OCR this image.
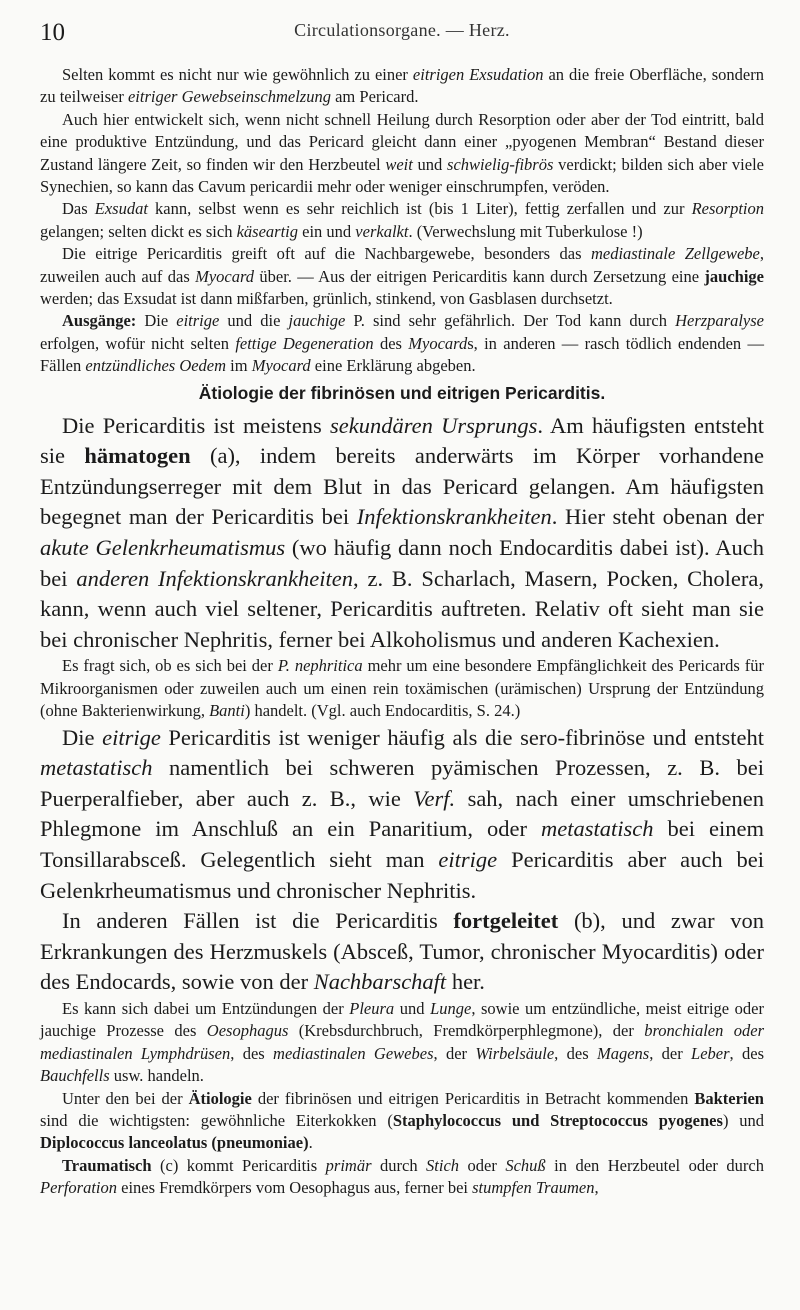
10	Circulationsorgane. — Herz.

Selten kommt es nicht nur wie gewöhnlich zu einer eitrigen Exsudation an die freie Oberfläche, sondern zu teilweiser eitriger Gewebseinschmelzung am Pericard.

Auch hier entwickelt sich, wenn nicht schnell Heilung durch Resorption oder aber der Tod eintritt, bald eine produktive Entzündung, und das Pericard gleicht dann einer „pyogenen Membran“ Bestand dieser Zustand längere Zeit, so finden wir den Herzbeutel weit und schwielig-fibrös verdickt; bilden sich aber viele Synechien, so kann das Cavum pericardii mehr oder weniger einschrumpfen, veröden.

Das Exsudat kann, selbst wenn es sehr reichlich ist (bis 1 Liter), fettig zerfallen und zur Resorption gelangen; selten dickt es sich käseartig ein und verkalkt. (Verwechslung mit Tuberkulose !)

Die eitrige Pericarditis greift oft auf die Nachbargewebe, besonders das mediastinale Zellgewebe, zuweilen auch auf das Myocard über. — Aus der eitrigen Pericarditis kann durch Zersetzung eine jauchige werden; das Exsudat ist dann mißfarben, grünlich, stinkend, von Gasblasen durchsetzt.

Ausgänge: Die eitrige und die jauchige P. sind sehr gefährlich. Der Tod kann durch Herzparalyse erfolgen, wofür nicht selten fettige Degeneration des Myocards, in anderen — rasch tödlich endenden — Fällen entzündliches Oedem im Myocard eine Erklärung abgeben.

Ätiologie der fibrinösen und eitrigen Pericarditis.

Die Pericarditis ist meistens sekundären Ursprungs. Am häufigsten entsteht sie hämatogen (a), indem bereits anderwärts im Körper vorhandene Entzündungserreger mit dem Blut in das Pericard gelangen. Am häufigsten begegnet man der Pericarditis bei Infektionskrankheiten. Hier steht obenan der akute Gelenkrheumatismus (wo häufig dann noch Endocarditis dabei ist). Auch bei anderen Infektionskrankheiten, z. B. Scharlach, Masern, Pocken, Cholera, kann, wenn auch viel seltener, Pericarditis auftreten. Relativ oft sieht man sie bei chronischer Nephritis, ferner bei Alkoholismus und anderen Kachexien.

Es fragt sich, ob es sich bei der P. nephritica mehr um eine besondere Empfänglichkeit des Pericards für Mikroorganismen oder zuweilen auch um einen rein toxämischen (urämischen) Ursprung der Entzündung (ohne Bakterienwirkung, Banti) handelt. (Vgl. auch Endocarditis, S. 24.)

Die eitrige Pericarditis ist weniger häufig als die sero-fibrinöse und entsteht metastatisch namentlich bei schweren pyämischen Prozessen, z. B. bei Puerperalfieber, aber auch z. B., wie Verf. sah, nach einer umschriebenen Phlegmone im Anschluß an ein Panaritium, oder metastatisch bei einem Tonsillarabsceß. Gelegentlich sieht man eitrige Pericarditis aber auch bei Gelenkrheumatismus und chronischer Nephritis.

In anderen Fällen ist die Pericarditis fortgeleitet (b), und zwar von Erkrankungen des Herzmuskels (Absceß, Tumor, chronischer Myocarditis) oder des Endocards, sowie von der Nachbarschaft her.

Es kann sich dabei um Entzündungen der Pleura und Lunge, sowie um entzündliche, meist eitrige oder jauchige Prozesse des Oesophagus (Krebsdurchbruch, Fremdkörperphlegmone), der bronchialen oder mediastinalen Lymphdrüsen, des mediastinalen Gewebes, der Wirbelsäule, des Magens, der Leber, des Bauchfells usw. handeln.

Unter den bei der Ätiologie der fibrinösen und eitrigen Pericarditis in Betracht kommenden Bakterien sind die wichtigsten: gewöhnliche Eiterkokken (Staphylococcus und Streptococcus pyogenes) und Diplococcus lanceolatus (pneumoniae).

Traumatisch (c) kommt Pericarditis primär durch Stich oder Schuß in den Herzbeutel oder durch Perforation eines Fremdkörpers vom Oesophagus aus, ferner bei stumpfen Traumen,
